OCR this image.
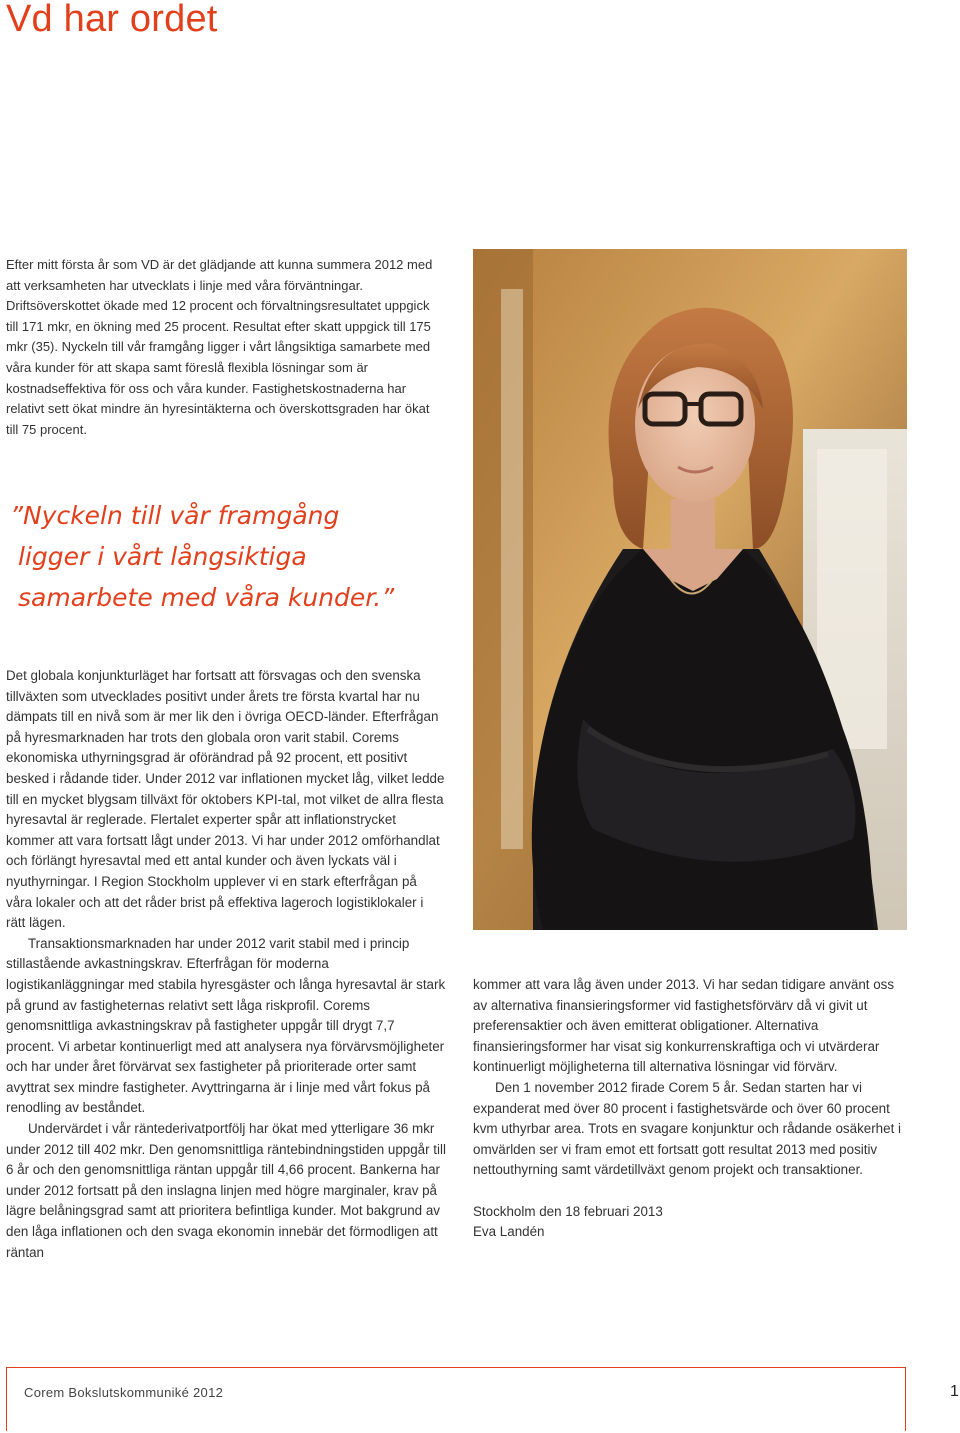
Vd har ordet

Efter mitt första år som VD är det glädjande att kunna summera 2012 med att verksamheten har utvecklats i linje med våra förväntningar. Driftsöverskottet ökade med 12 procent och förvaltningsresultatet uppgick till 171 mkr, en ökning med 25 procent. Resultat efter skatt uppgick till 175 mkr (35). Nyckeln till vår framgång ligger i vårt långsiktiga samarbete med våra kunder för att skapa samt föreslå flexibla lösningar som är kostnadseffektiva för oss och våra kunder. Fastighetskostnaderna har relativt sett ökat mindre än hyresintäkterna och överskottsgraden har ökat till 75 procent.

”Nyckeln till vår framgång
ligger i vårt långsiktiga
samarbete med våra kunder.”

Det globala konjunkturläget har fortsatt att försvagas och den svenska tillväxten som utvecklades positivt under årets tre första kvartal har nu dämpats till en nivå som är mer lik den i övriga OECD-länder. Efterfrågan på hyresmarknaden har trots den globala oron varit stabil. Corems ekonomiska uthyrningsgrad är oförändrad på 92 procent, ett positivt besked i rådande tider. Under 2012 var inflationen mycket låg, vilket ledde till en mycket blygsam tillväxt för oktobers KPI-tal, mot vilket de allra flesta hyresavtal är reglerade. Flertalet experter spår att inflationstrycket kommer att vara fortsatt lågt under 2013. Vi har under 2012 omförhandlat och förlängt hyresavtal med ett antal kunder och även lyckats väl i nyuthyrningar. I Region Stockholm upplever vi en stark efterfrågan på våra lokaler och att det råder brist på effektiva lageroch logistiklokaler i rätt lägen.

Transaktionsmarknaden har under 2012 varit stabil med i princip stillastående avkastningskrav. Efterfrågan för moderna logistikanläggningar med stabila hyresgäster och långa hyresavtal är stark på grund av fastigheternas relativt sett låga riskprofil. Corems genomsnittliga avkastningskrav på fastigheter uppgår till drygt 7,7 procent. Vi arbetar kontinuerligt med att analysera nya förvärvsmöjligheter och har under året förvärvat sex fastigheter på prioriterade orter samt avyttrat sex mindre fastigheter. Avyttringarna är i linje med vårt fokus på renodling av beståndet.

Undervärdet i vår räntederivatportfölj har ökat med ytterligare 36 mkr under 2012 till 402 mkr. Den genomsnittliga räntebindningstiden uppgår till 6 år och den genomsnittliga räntan uppgår till 4,66 procent. Bankerna har under 2012 fortsatt på den inslagna linjen med högre marginaler, krav på lägre belåningsgrad samt att prioritera befintliga kunder. Mot bakgrund av den låga inflationen och den svaga ekonomin innebär det förmodligen att räntan

kommer att vara låg även under 2013. Vi har sedan tidigare använt oss av alternativa finansieringsformer vid fastighetsförvärv då vi givit ut preferensaktier och även emitterat obligationer. Alternativa finansieringsformer har visat sig konkurrenskraftiga och vi utvärderar kontinuerligt möjligheterna till alternativa lösningar vid förvärv.

Den 1 november 2012 firade Corem 5 år. Sedan starten har vi expanderat med över 80 procent i fastighetsvärde och över 60 procent kvm uthyrbar area. Trots en svagare konjunktur och rådande osäkerhet i omvärlden ser vi fram emot ett fortsatt gott resultat 2013 med positiv nettouthyrning samt värdetillväxt genom projekt och transaktioner.

Stockholm den 18 februari 2013

Eva Landén

Corem Bokslutskommuniké 2012	1
